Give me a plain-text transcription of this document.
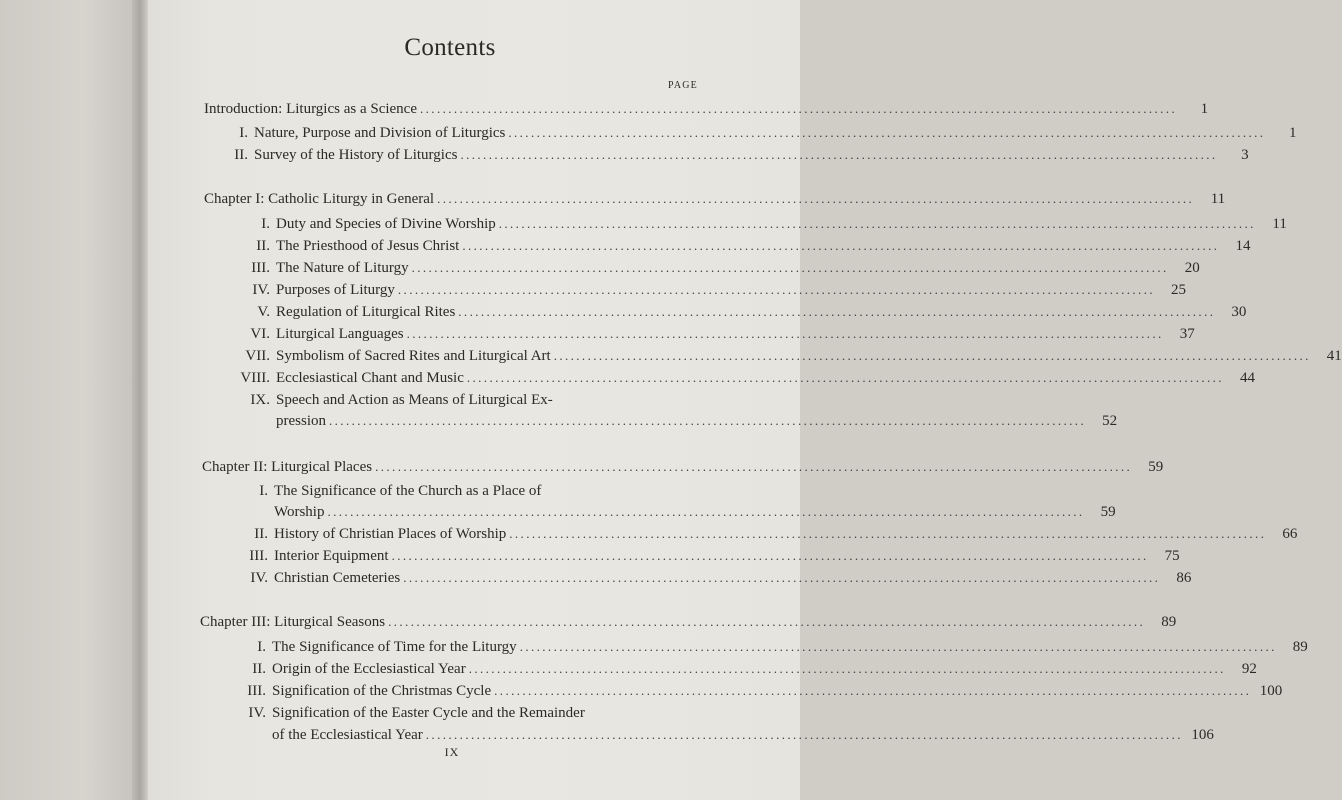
Contents
PAGE
Introduction: Liturgics as a Science ......................................................................................................................................	1
I. Nature, Purpose and Division of Liturgics ......................................................................................................................................	1
II. Survey of the History of Liturgics ......................................................................................................................................	3
Chapter I: Catholic Liturgy in General ......................................................................................................................................	11
I. Duty and Species of Divine Worship ......................................................................................................................................	11
II. The Priesthood of Jesus Christ ......................................................................................................................................	14
III. The Nature of Liturgy ......................................................................................................................................	20
IV. Purposes of Liturgy ......................................................................................................................................	25
V. Regulation of Liturgical Rites ......................................................................................................................................	30
VI. Liturgical Languages ......................................................................................................................................	37
VII. Symbolism of Sacred Rites and Liturgical Art ......................................................................................................................................	41
VIII. Ecclesiastical Chant and Music ......................................................................................................................................	44
IX. Speech and Action as Means of Liturgical Ex-
pression ......................................................................................................................................	52
Chapter II: Liturgical Places ......................................................................................................................................	59
I. The Significance of the Church as a Place of
Worship ......................................................................................................................................	59
II. History of Christian Places of Worship ......................................................................................................................................	66
III. Interior Equipment ......................................................................................................................................	75
IV. Christian Cemeteries ......................................................................................................................................	86
Chapter III: Liturgical Seasons ......................................................................................................................................	89
I. The Significance of Time for the Liturgy ......................................................................................................................................	89
II. Origin of the Ecclesiastical Year ......................................................................................................................................	92
III. Signification of the Christmas Cycle ...................................................................................................................................... 100
IV. Signification of the Easter Cycle and the Remainder
of the Ecclesiastical Year ...................................................................................................................................... 106
IX
